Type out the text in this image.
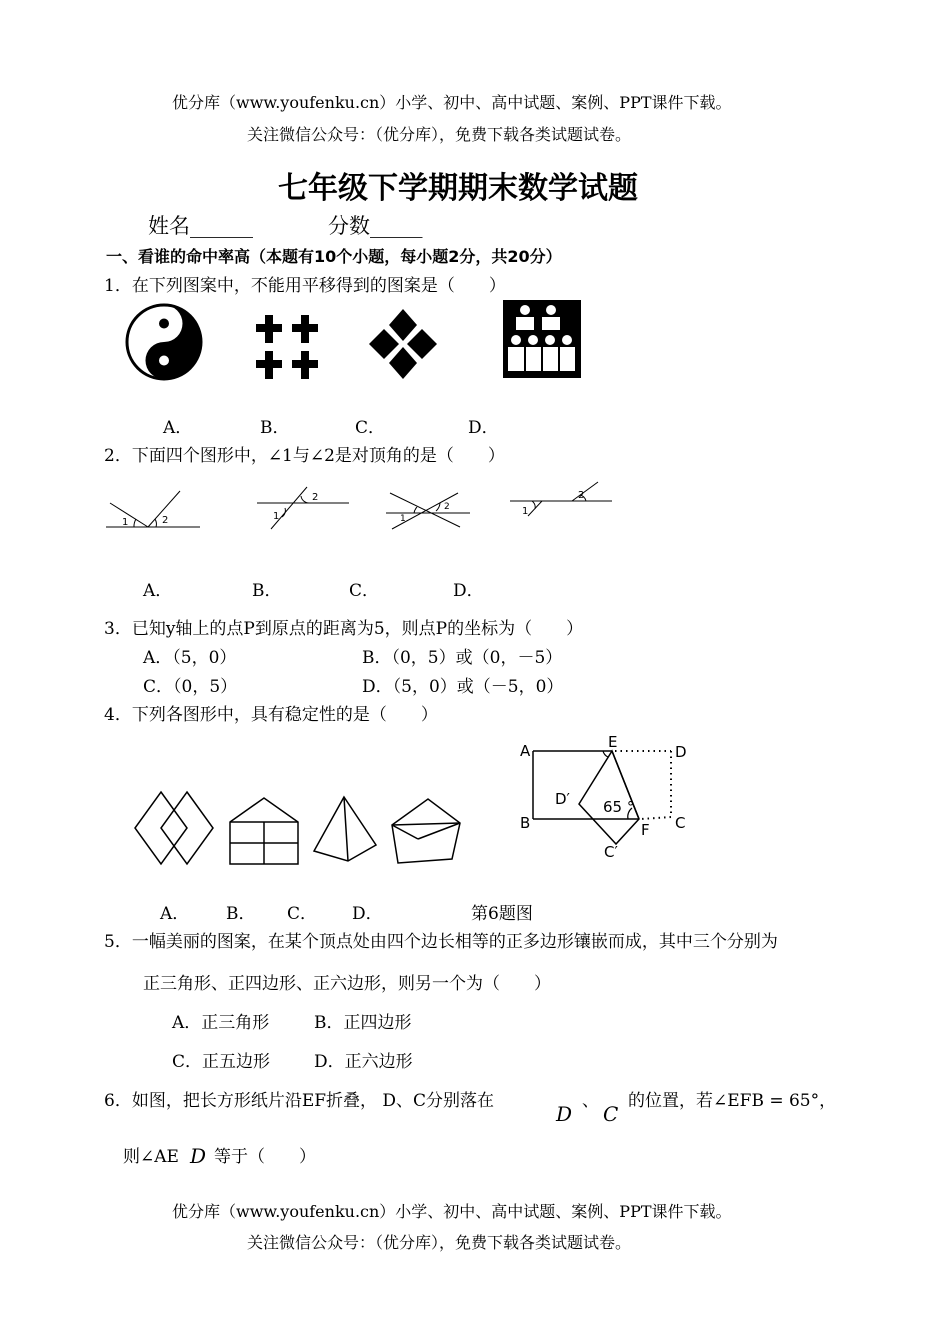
优分库（www.youfenku.cn）小学、初中、高中试题、案例、PPT课件下载。
关注微信公众号：（优分库），免费下载各类试题试卷。
七年级下学期期末数学试题
姓名______	分数_____
一、看谁的命中率高（本题有10个小题，每小题2分，共20分）
1．在下列图案中，不能用平移得到的图案是（　　）
A．	B．	C．	D．
2．下面四个图形中，∠1与∠2是对顶角的是（　　）
1	2	1
2
1
2	1
2
A．	B．	C．	D．
3．已知y轴上的点P到原点的距离为5，则点P的坐标为（　　）
A．（5，0）	B．（0，5）或（0，－5）
C．（0，5）	D．（5，0）或（－5，0）
4．下列各图形中，具有稳定性的是（　　）
A． B． C． D．
A
B	C
D
E
F
D′
C′
65 °
第6题图
5．一幅美丽的图案，在某个顶点处由四个边长相等的正多边形镶嵌而成，其中三个分别为
正三角形、正四边形、正六边形，则另一个为（　　）
A．正三角形	B．正四边形
C．正五边形	D．正六边形
6．如图，把长方形纸片沿EF折叠， D、C分别落在
D
、
C
的位置，若∠EFB = 65°，
则∠AE D 等于（　　）
优分库（www.youfenku.cn）小学、初中、高中试题、案例、PPT课件下载。
关注微信公众号：（优分库），免费下载各类试题试卷。
